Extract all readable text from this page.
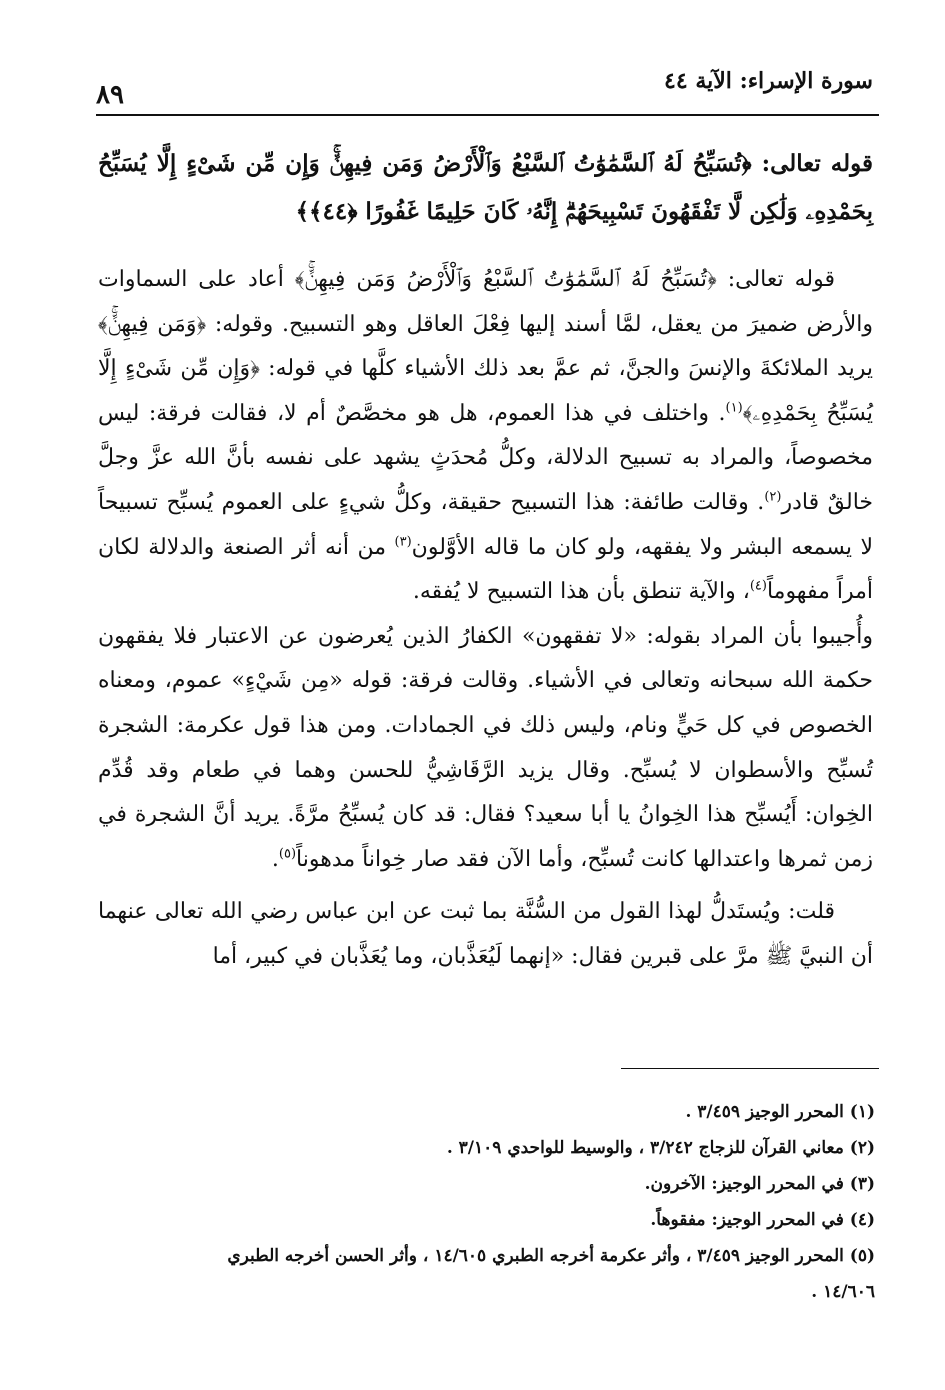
سورة الإسراء: الآية ٤٤
٨٩
قوله تعالى: ﴿تُسَبِّحُ لَهُ ٱلسَّمَٰوَٰتُ ٱلسَّبْعُ وَٱلْأَرْضُ وَمَن فِيهِنَّۚ وَإِن مِّن شَىْءٍ إِلَّا يُسَبِّحُ بِحَمْدِهِۦ وَلَٰكِن لَّا تَفْقَهُونَ تَسْبِيحَهُمْۗ إِنَّهُۥ كَانَ حَلِيمًا غَفُورًا ﴿٤٤﴾﴾

قوله تعالى: ﴿تُسَبِّحُ لَهُ ٱلسَّمَٰوَٰتُ ٱلسَّبْعُ وَٱلْأَرْضُ وَمَن فِيهِنَّۚ﴾ أعاد على السماوات والأرض ضميرَ من يعقل، لمَّا أسند إليها فِعْلَ العاقل وهو التسبيح. وقوله: ﴿وَمَن فِيهِنَّۚ﴾ يريد الملائكةَ والإنسَ والجنَّ، ثم عمَّ بعد ذلك الأشياء كلَّها في قوله: ﴿وَإِن مِّن شَىْءٍ إِلَّا يُسَبِّحُ بِحَمْدِهِۦ﴾$^{(١)}$. واختلف في هذا العموم، هل هو مخصَّصٌ أم لا، فقالت فرقة: ليس مخصوصاً، والمراد به تسبيح الدلالة، وكلُّ مُحدَثٍ يشهد على نفسه بأنَّ الله عزَّ وجلَّ خالقٌ قادر$^{(٢)}$. وقالت طائفة: هذا التسبيح حقيقة، وكلُّ شيءٍ على العموم يُسبِّح تسبيحاً لا يسمعه البشر ولا يفقهه، ولو كان ما قاله الأوَّلون$^{(٣)}$ من أنه أثر الصنعة والدلالة لكان أمراً مفهوماً$^{(٤)}$، والآية تنطق بأن هذا التسبيح لا يُفقه.

وأُجيبوا بأن المراد بقوله: «لا تفقهون» الكفارُ الذين يُعرضون عن الاعتبار فلا يفقهون حكمة الله سبحانه وتعالى في الأشياء. وقالت فرقة: قوله «مِن شَيْءٍ» عموم، ومعناه الخصوص في كل حَيٍّ ونام، وليس ذلك في الجمادات. ومن هذا قول عكرمة: الشجرة تُسبِّح والأسطوان لا يُسبِّح. وقال يزيد الرَّقَاشِيُّ للحسن وهما في طعام وقد قُدِّم الخِوان: أَيُسبِّح هذا الخِوانُ يا أبا سعيد؟ فقال: قد كان يُسبِّحُ مرَّةً. يريد أنَّ الشجرة في زمن ثمرها واعتدالها كانت تُسبِّح، وأما الآن فقد صار خِواناً مدهوناً$^{(٥)}$.

قلت: ويُستَدلُّ لهذا القول من السُّنَّة بما ثبت عن ابن عباس رضي الله تعالى عنهما أن النبيَّ ﷺ مرَّ على قبرين فقال: «إنهما لَيُعَذَّبان، وما يُعَذَّبان في كبير، أما

(١) المحرر الوجيز ٣/٤٥٩ .
(٢) معاني القرآن للزجاج ٣/٢٤٢ ، والوسيط للواحدي ٣/١٠٩ .
(٣) في المحرر الوجيز: الآخرون.
(٤) في المحرر الوجيز: مفقوهاً.
(٥) المحرر الوجيز ٣/٤٥٩ ، وأثر عكرمة أخرجه الطبري ١٤/٦٠٥ ، وأثر الحسن أخرجه الطبري
١٤/٦٠٦ .
